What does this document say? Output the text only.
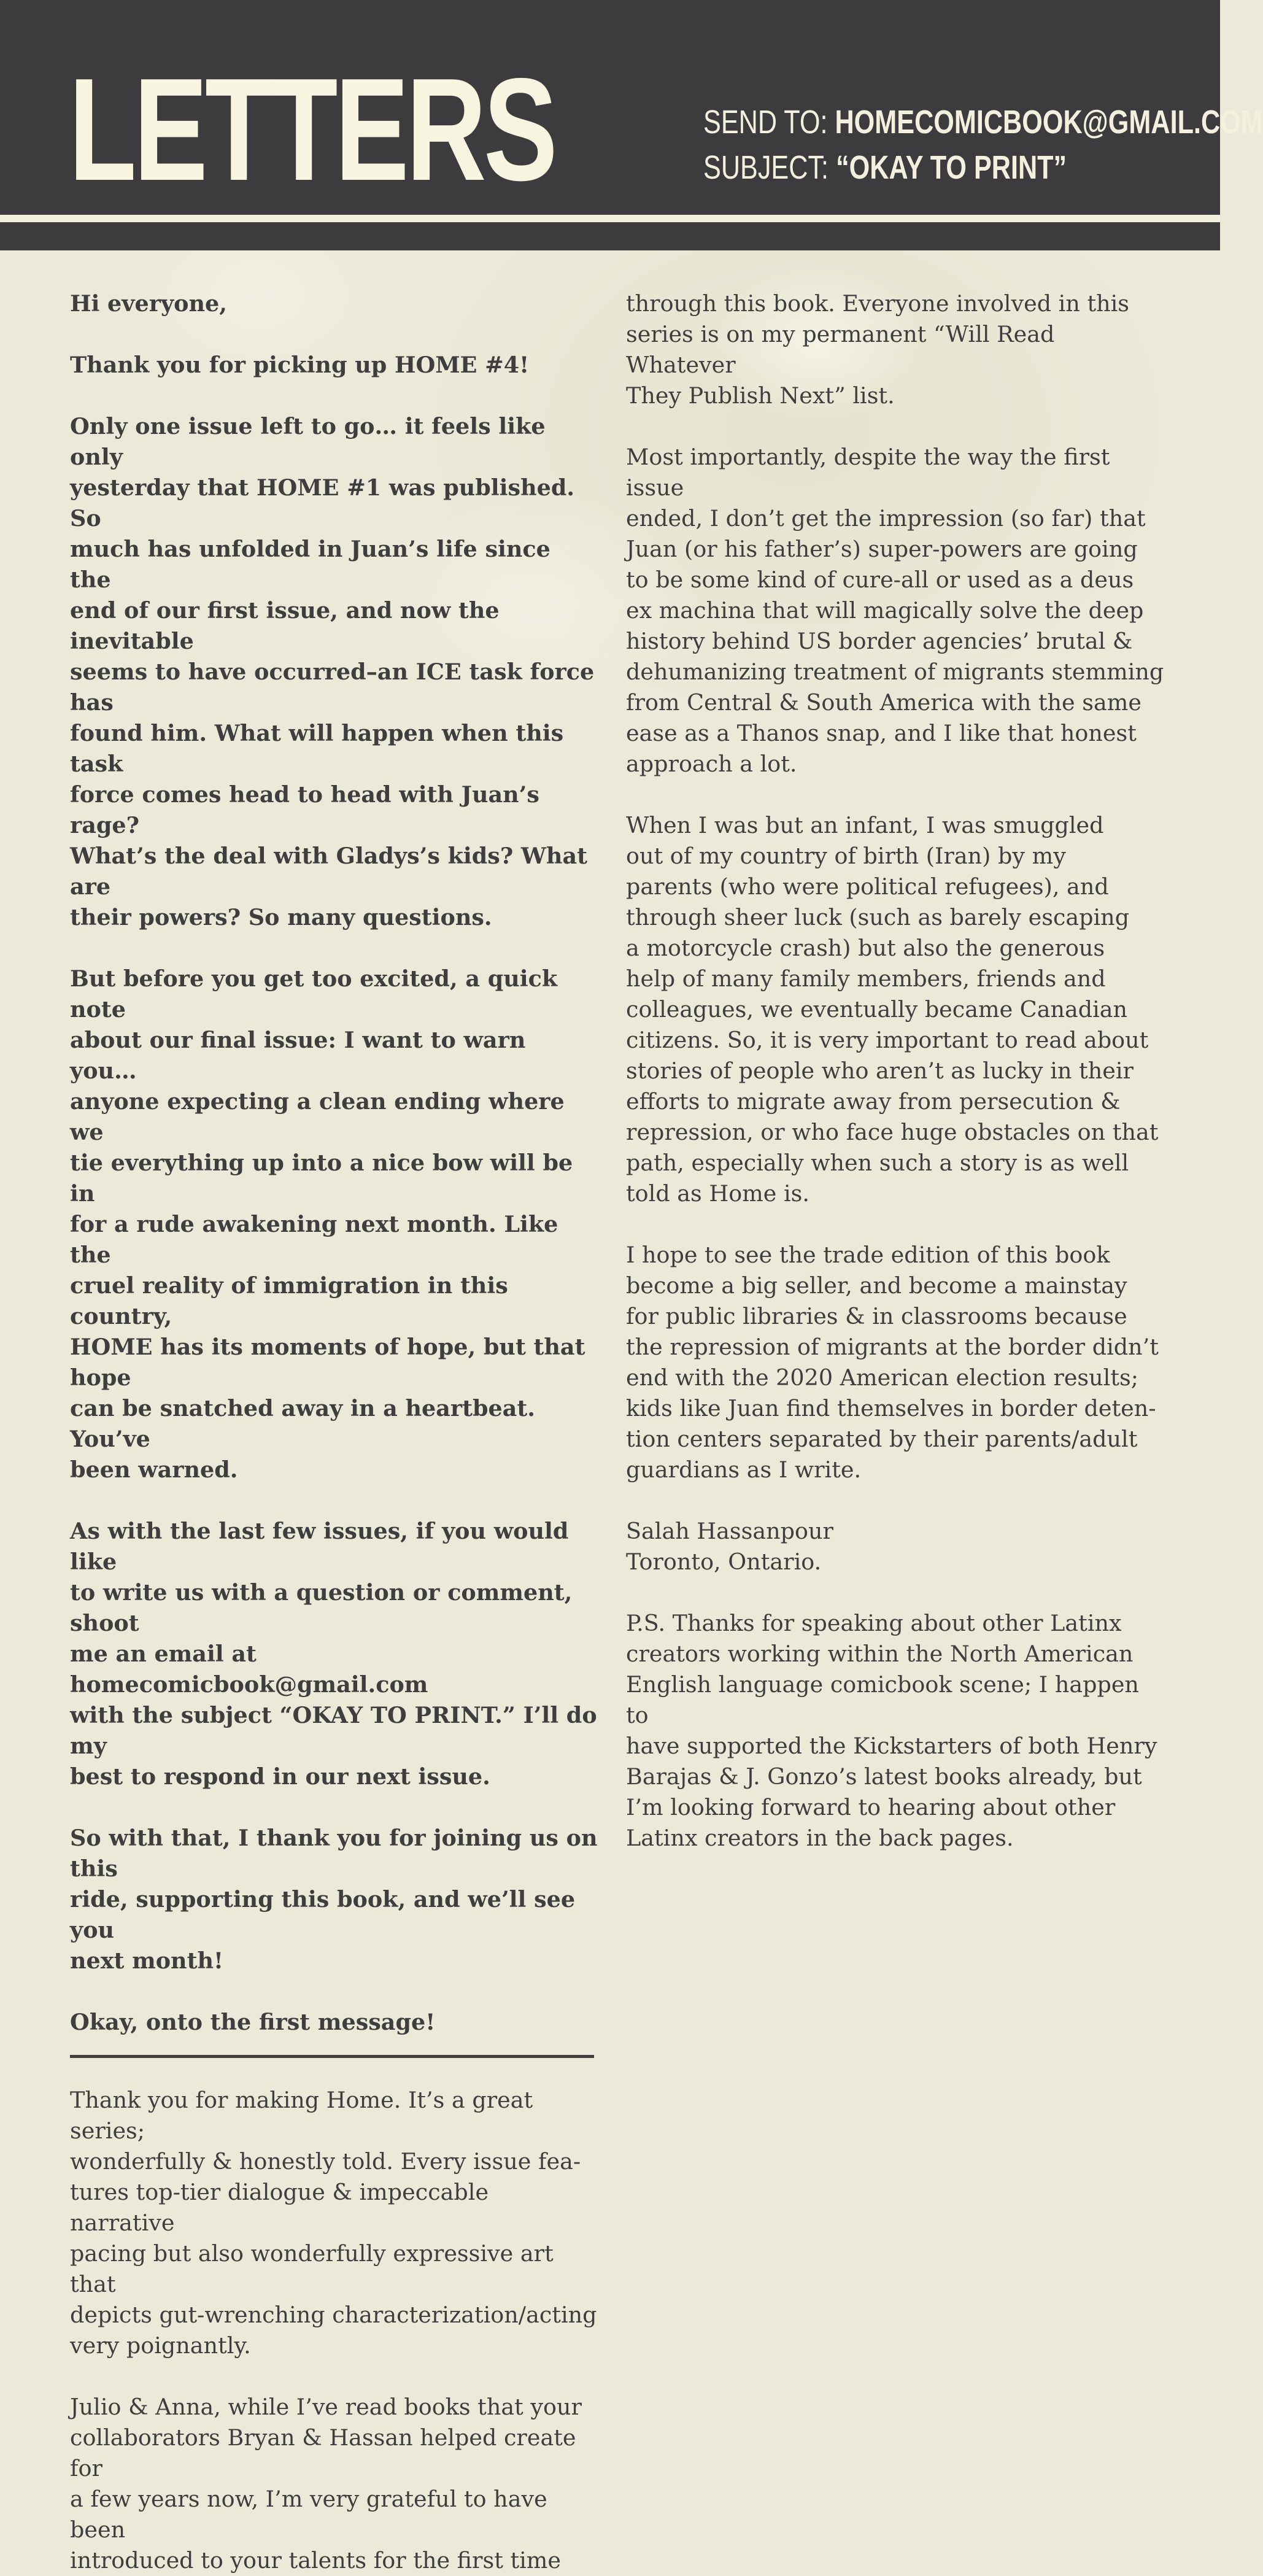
LETTERS	SEND TO: HOMECOMICBOOK@GMAIL.COM
SUBJECT: “OKAY TO PRINT”

Hi everyone,

Thank you for picking up HOME #4!

Only one issue left to go… it feels like only
yesterday that HOME #1 was published. So
much has unfolded in Juan’s life since the
end of our first issue, and now the inevitable
seems to have occurred–an ICE task force has
found him. What will happen when this task
force comes head to head with Juan’s rage?
What’s the deal with Gladys’s kids? What are
their powers? So many questions.

But before you get too excited, a quick note
about our final issue: I want to warn you…
anyone expecting a clean ending where we
tie everything up into a nice bow will be in
for a rude awakening next month. Like the
cruel reality of immigration in this country,
HOME has its moments of hope, but that hope
can be snatched away in a heartbeat. You’ve
been warned.

As with the last few issues, if you would like
to write us with a question or comment, shoot
me an email at homecomicbook@gmail.com
with the subject “OKAY TO PRINT.” I’ll do my
best to respond in our next issue.

So with that, I thank you for joining us on this
ride, supporting this book, and we’ll see you
next month!

Okay, onto the first message!

Thank you for making Home. It’s a great series;
wonderfully & honestly told. Every issue fea-
tures top-tier dialogue & impeccable narrative
pacing but also wonderfully expressive art that
depicts gut-wrenching characterization/acting
very poignantly.

Julio & Anna, while I’ve read books that your
collaborators Bryan & Hassan helped create for
a few years now, I’m very grateful to have been
introduced to your talents for the first time

through this book. Everyone involved in this
series is on my permanent “Will Read Whatever
They Publish Next” list.

Most importantly, despite the way the first issue
ended, I don’t get the impression (so far) that
Juan (or his father’s) super-powers are going
to be some kind of cure-all or used as a deus
ex machina that will magically solve the deep
history behind US border agencies’ brutal &
dehumanizing treatment of migrants stemming
from Central & South America with the same
ease as a Thanos snap, and I like that honest
approach a lot.

When I was but an infant, I was smuggled
out of my country of birth (Iran) by my
parents (who were political refugees), and
through sheer luck (such as barely escaping
a motorcycle crash) but also the generous
help of many family members, friends and
colleagues, we eventually became Canadian
citizens. So, it is very important to read about
stories of people who aren’t as lucky in their
efforts to migrate away from persecution &
repression, or who face huge obstacles on that
path, especially when such a story is as well
told as Home is.

I hope to see the trade edition of this book
become a big seller, and become a mainstay
for public libraries & in classrooms because
the repression of migrants at the border didn’t
end with the 2020 American election results;
kids like Juan find themselves in border deten-
tion centers separated by their parents/adult
guardians as I write.

Salah Hassanpour
Toronto, Ontario.

P.S. Thanks for speaking about other Latinx
creators working within the North American
English language comicbook scene; I happen to
have supported the Kickstarters of both Henry
Barajas & J. Gonzo’s latest books already, but
I’m looking forward to hearing about other
Latinx creators in the back pages.
